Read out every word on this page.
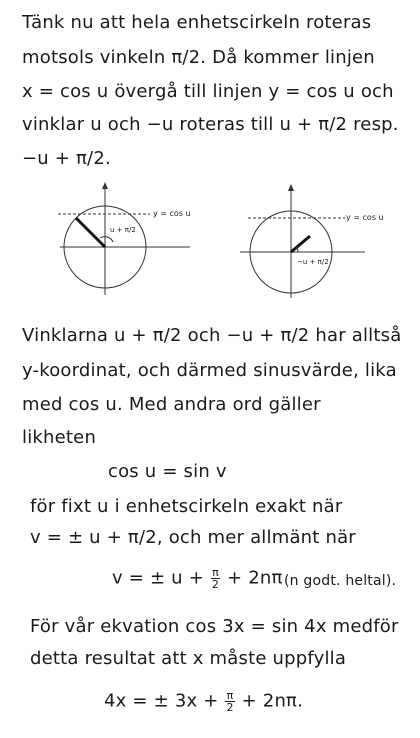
Tänk nu att hela enhetscirkeln roteras
motsols vinkeln π/2. Då kommer linjen
x = cos u övergå till linjen y = cos u och
vinklar u och −u roteras till u + π/2 resp.
−u + π/2.
y = cos u
u + π/2
y = cos u
−u + π/2
Vinklarna u + π/2 och −u + π/2 har alltså
y-koordinat, och därmed sinusvärde, lika
med cos u. Med andra ord gäller
likheten
cos u = sin v
för fixt u i enhetscirkeln exakt när
v = ± u + π/2, och mer allmänt när
v = ± $u + \frac{\pi}{2} + 2n\pi$ (n godt. heltal).
För vår ekvation cos 3x = sin 4x medför
detta resultat att x måste uppfylla
4x = ± $3x + \frac{\pi}{2} + 2n\pi$.
